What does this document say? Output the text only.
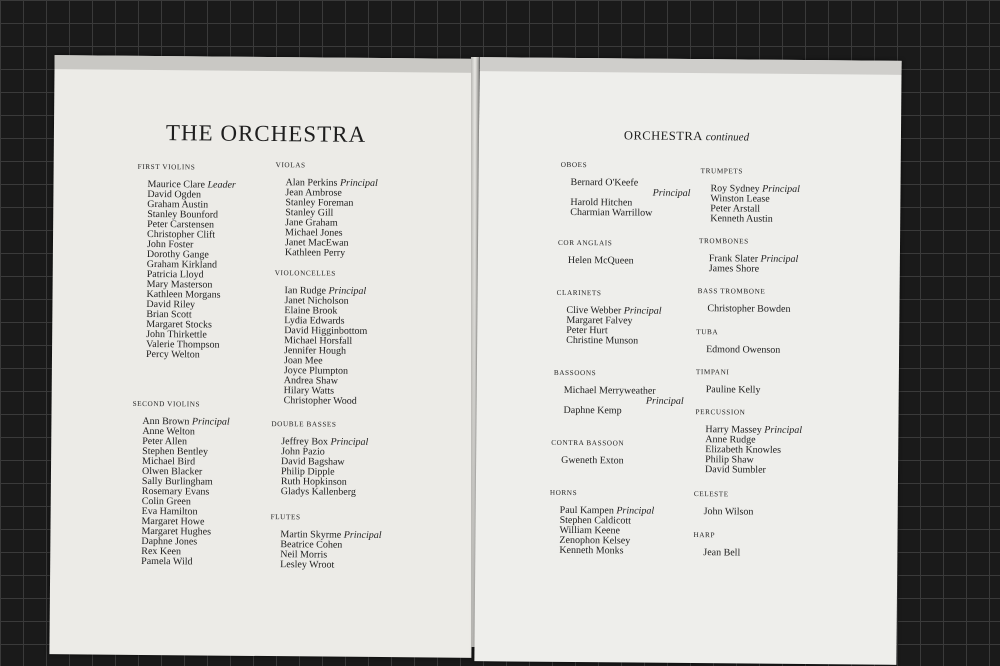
THE ORCHESTRA
FIRST VIOLINS
Maurice Clare Leader
David Ogden
Graham Austin
Stanley Bounford
Peter Carstensen
Christopher Clift
John Foster
Dorothy Gange
Graham Kirkland
Patricia Lloyd
Mary Masterson
Kathleen Morgans
David Riley
Brian Scott
Margaret Stocks
John Thirkettle
Valerie Thompson
Percy Welton
SECOND VIOLINS
Ann Brown Principal
Anne Welton
Peter Allen
Stephen Bentley
Michael Bird
Olwen Blacker
Sally Burlingham
Rosemary Evans
Colin Green
Eva Hamilton
Margaret Howe
Margaret Hughes
Daphne Jones
Rex Keen
Pamela Wild
VIOLAS
Alan Perkins Principal
Jean Ambrose
Stanley Foreman
Stanley Gill
Jane Graham
Michael Jones
Janet MacEwan
Kathleen Perry
VIOLONCELLES
Ian Rudge Principal
Janet Nicholson
Elaine Brook
Lydia Edwards
David Higginbottom
Michael Horsfall
Jennifer Hough
Joan Mee
Joyce Plumpton
Andrea Shaw
Hilary Watts
Christopher Wood
DOUBLE BASSES
Jeffrey Box Principal
John Pazio
David Bagshaw
Philip Dipple
Ruth Hopkinson
Gladys Kallenberg
FLUTES
Martin Skyrme Principal
Beatrice Cohen
Neil Morris
Lesley Wroot
ORCHESTRA continued
OBOES
Bernard O'Keefe
Principal
Harold Hitchen
Charmian Warrillow
COR ANGLAIS
Helen McQueen
CLARINETS
Clive Webber Principal
Margaret Falvey
Peter Hurt
Christine Munson
BASSOONS
Michael Merryweather
Principal
Daphne Kemp
CONTRA BASSOON
Gweneth Exton
HORNS
Paul Kampen Principal
Stephen Caldicott
William Keene
Zenophon Kelsey
Kenneth Monks
TRUMPETS
Roy Sydney Principal
Winston Lease
Peter Arstall
Kenneth Austin
TROMBONES
Frank Slater Principal
James Shore
BASS TROMBONE
Christopher Bowden
TUBA
Edmond Owenson
TIMPANI
Pauline Kelly
PERCUSSION
Harry Massey Principal
Anne Rudge
Elizabeth Knowles
Philip Shaw
David Sumbler
CELESTE
John Wilson
HARP
Jean Bell
